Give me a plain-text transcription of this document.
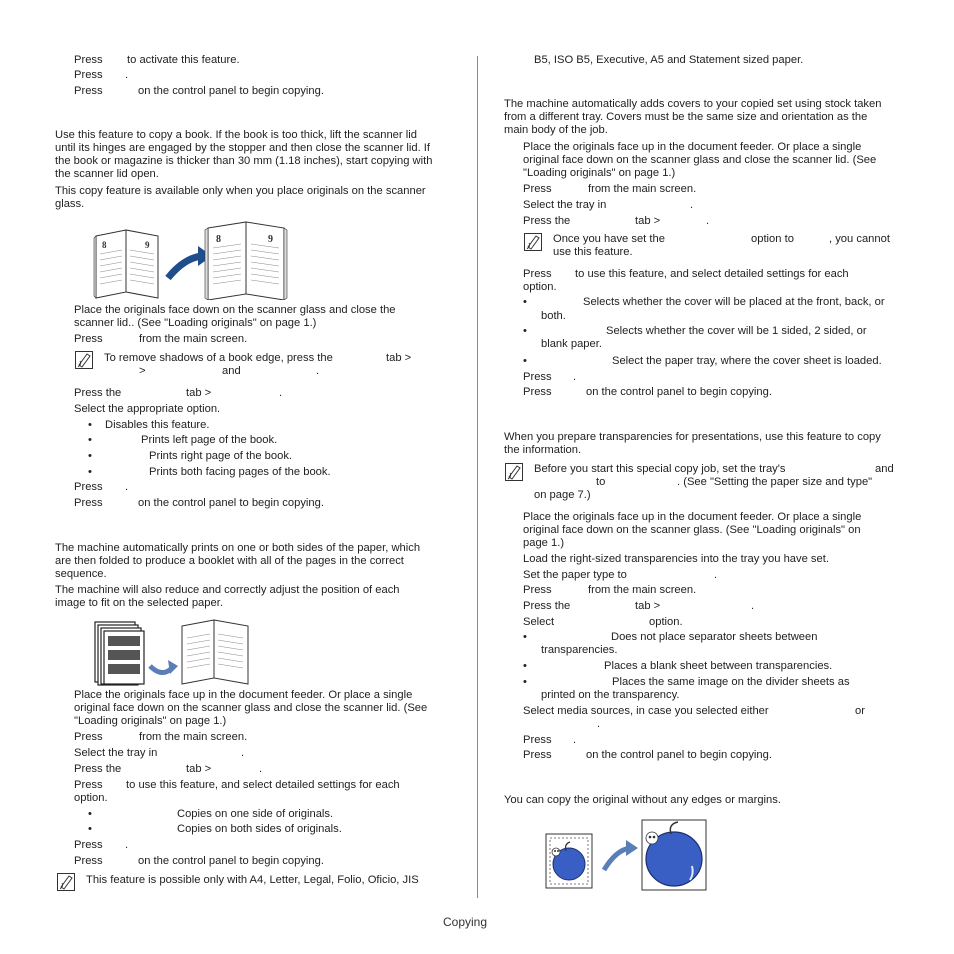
Press to activate this feature.
Press .
Press	on the control panel to begin copying.
Use this feature to copy a book. If the book is too thick, lift the scanner lid
until its hinges are engaged by the stopper and then close the scanner lid. If
the book or magazine is thicker than 30 mm (1.18 inches), start copying with
the scanner lid open.
This copy feature is available only when you place originals on the scanner
glass.
8	9	8	9
Place the originals face down on the scanner glass and close the
scanner lid.. (See "Loading originals" on page 1.)
Press	from the main screen.
To remove shadows of a book edge, press the	tab >
>	and	.
Press the	tab >	.
Select the appropriate option.
• Disables this feature.
•	Prints left page of the book.
•	Prints right page of the book.
•	Prints both facing pages of the book.
Press .
Press	on the control panel to begin copying.
The machine automatically prints on one or both sides of the paper, which
are then folded to produce a booklet with all of the pages in the correct
sequence.
The machine will also reduce and correctly adjust the position of each
image to fit on the selected paper.
Place the originals face up in the document feeder. Or place a single
original face down on the scanner glass and close the scanner lid. (See
"Loading originals" on page 1.)
Press	from the main screen.
Select the tray in	.
Press the	tab >	.
Press to use this feature, and select detailed settings for each
option.
•	Copies on one side of originals.
•	Copies on both sides of originals.
Press .
Press	on the control panel to begin copying.
This feature is possible only with A4, Letter, Legal, Folio, Oficio, JIS
B5, ISO B5, Executive, A5 and Statement sized paper.
The machine automatically adds covers to your copied set using stock taken
from a different tray. Covers must be the same size and orientation as the
main body of the job.
Place the originals face up in the document feeder. Or place a single
original face down on the scanner glass and close the scanner lid. (See
"Loading originals" on page 1.)
Press	from the main screen.
Select the tray in	.
Press the	tab >	.
Once you have set the	option to	, you cannot
use this feature.
Press to use this feature, and select detailed settings for each
option.
•	Selects whether the cover will be placed at the front, back, or
both.
•	Selects whether the cover will be 1 sided, 2 sided, or
blank paper.
•	Select the paper tray, where the cover sheet is loaded.
Press .
Press	on the control panel to begin copying.
When you prepare transparencies for presentations, use this feature to copy
the information.
Before you start this special copy job, set the tray's	and
to	. (See "Setting the paper size and type"
on page 7.)
Place the originals face up in the document feeder. Or place a single
original face down on the scanner glass. (See "Loading originals" on
page 1.)
Load the right-sized transparencies into the tray you have set.
Set the paper type to	.
Press	from the main screen.
Press the	tab >	.
Select	option.
•	Does not place separator sheets between
transparencies.
•	Places a blank sheet between transparencies.
•	Places the same image on the divider sheets as
printed on the transparency.
Select media sources, in case you selected either	or
.
Press .
Press	on the control panel to begin copying.
You can copy the original without any edges or margins.
Copying
